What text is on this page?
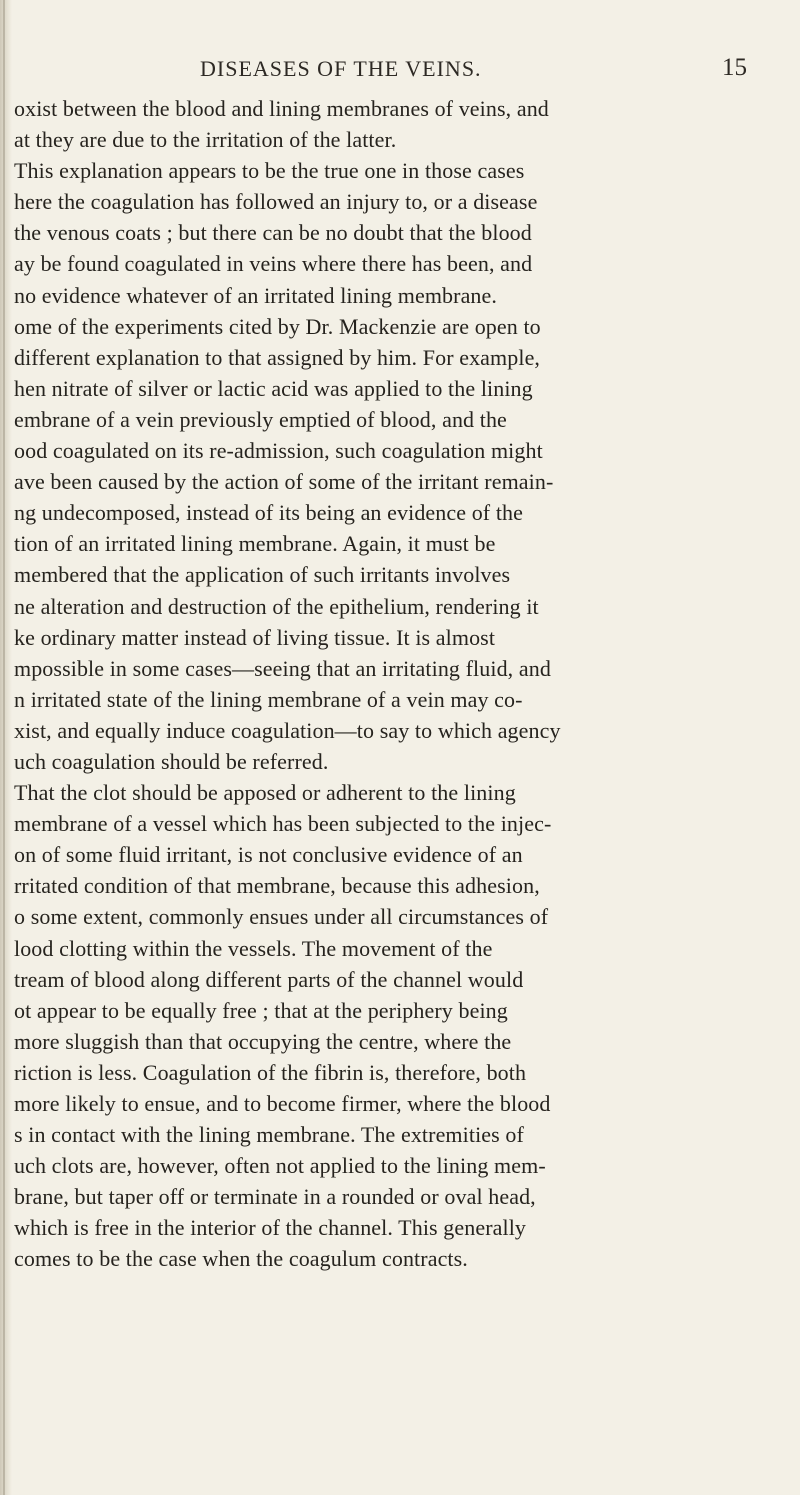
DISEASES OF THE VEINS.	15
oxist between the blood and lining membranes of veins, and
at they are due to the irritation of the latter.
This explanation appears to be the true one in those cases
here the coagulation has followed an injury to, or a disease
the venous coats ; but there can be no doubt that the blood
ay be found coagulated in veins where there has been, and
no evidence whatever of an irritated lining membrane.
ome of the experiments cited by Dr. Mackenzie are open to
different explanation to that assigned by him. For example,
hen nitrate of silver or lactic acid was applied to the lining
embrane of a vein previously emptied of blood, and the
ood coagulated on its re-admission, such coagulation might
ave been caused by the action of some of the irritant remain-
ng undecomposed, instead of its being an evidence of the
tion of an irritated lining membrane. Again, it must be
membered that the application of such irritants involves
ne alteration and destruction of the epithelium, rendering it
ke ordinary matter instead of living tissue. It is almost
mpossible in some cases—seeing that an irritating fluid, and
n irritated state of the lining membrane of a vein may co-
xist, and equally induce coagulation—to say to which agency
uch coagulation should be referred.
That the clot should be apposed or adherent to the lining
membrane of a vessel which has been subjected to the injec-
on of some fluid irritant, is not conclusive evidence of an
rritated condition of that membrane, because this adhesion,
o some extent, commonly ensues under all circumstances of
lood clotting within the vessels. The movement of the
tream of blood along different parts of the channel would
ot appear to be equally free ; that at the periphery being
more sluggish than that occupying the centre, where the
riction is less. Coagulation of the fibrin is, therefore, both
more likely to ensue, and to become firmer, where the blood
s in contact with the lining membrane. The extremities of
uch clots are, however, often not applied to the lining mem-
brane, but taper off or terminate in a rounded or oval head,
which is free in the interior of the channel. This generally
comes to be the case when the coagulum contracts.
